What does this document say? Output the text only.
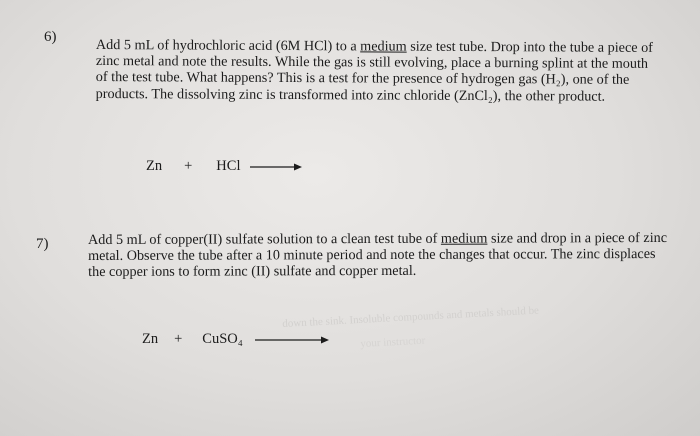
6)	Add 5 mL of hydrochloric acid (6M HCl) to a medium size test tube. Drop into the tube a piece of zinc metal and note the results. While the gas is still evolving, place a burning splint at the mouth of the test tube. What happens? This is a test for the presence of hydrogen gas (H₂), one of the products. The dissolving zinc is transformed into zinc chloride (ZnCl₂), the other product.

Zn + HCl
7)	Add 5 mL of copper(II) sulfate solution to a clean test tube of medium size and drop in a piece of zinc metal. Observe the tube after a 10 minute period and note the changes that occur. The zinc displaces the copper ions to form zinc (II) sulfate and copper metal.

Zn + CuSO₄
down the sink. Insoluble compounds and metals should be
your instructor
